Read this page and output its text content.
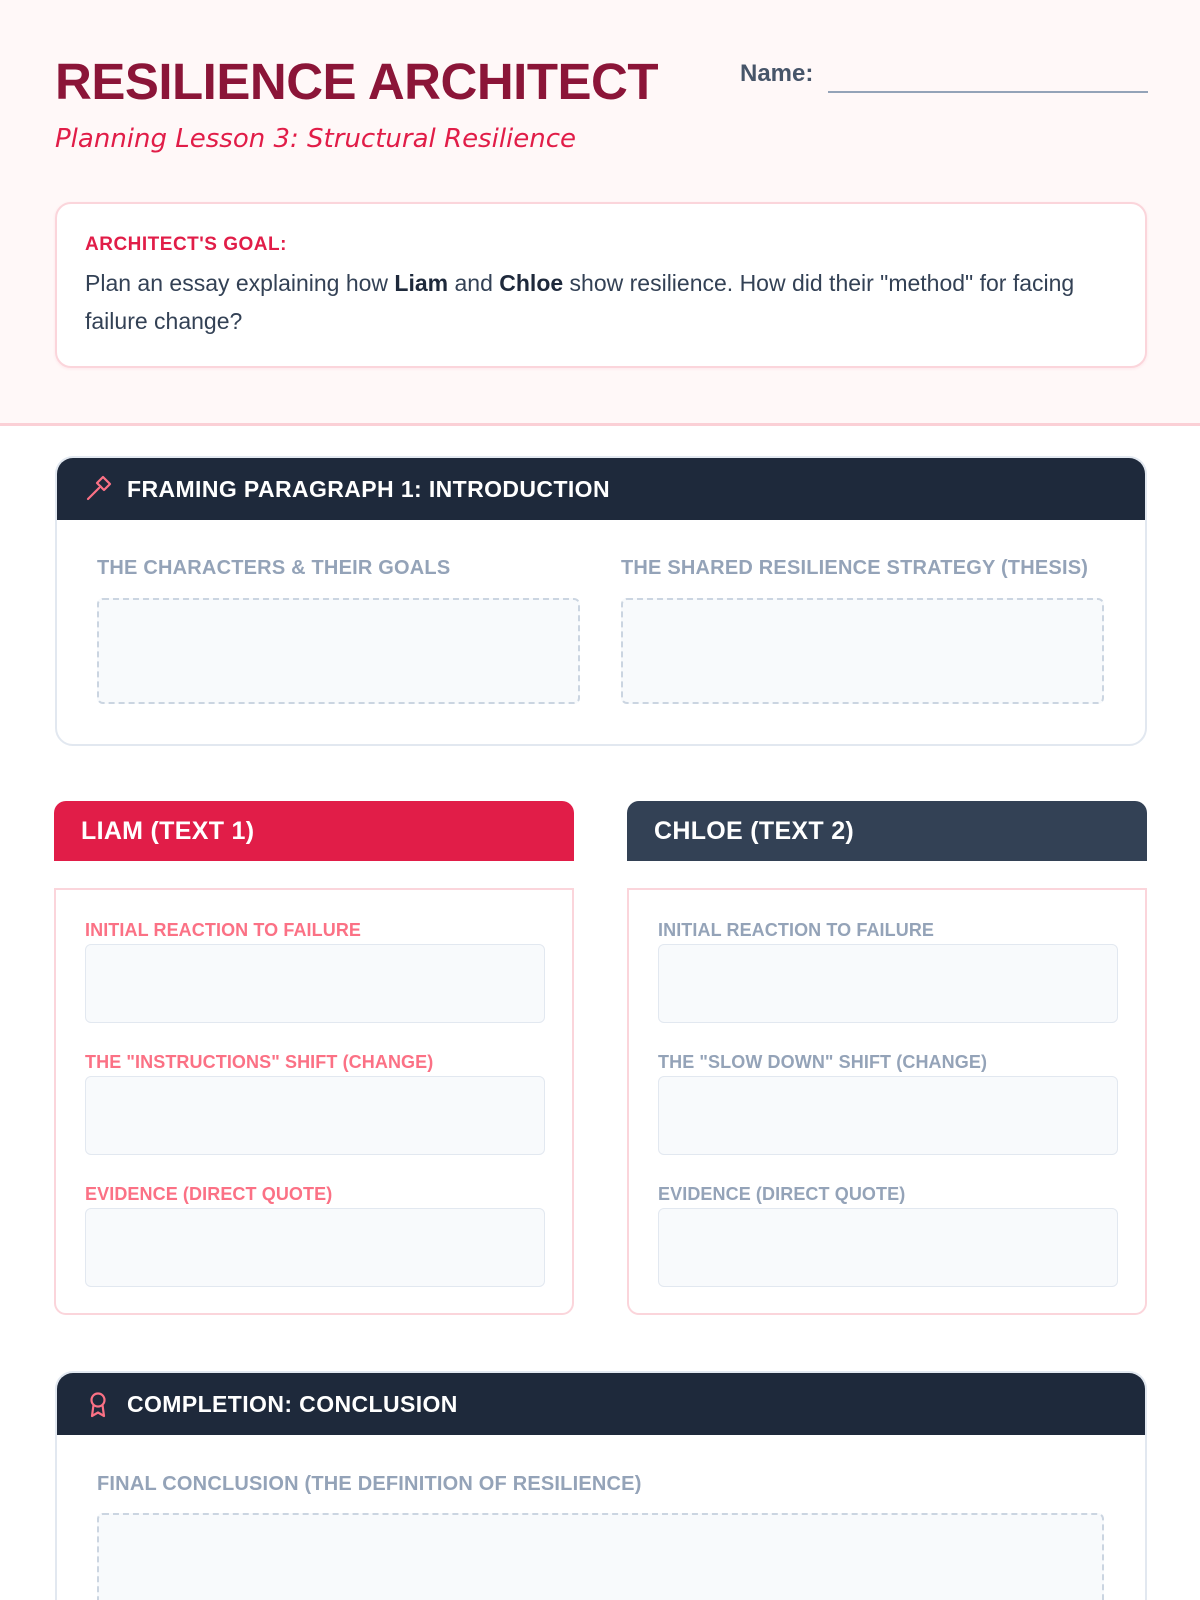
RESILIENCE ARCHITECT
Planning Lesson 3: Structural Resilience
Name:
ARCHITECT'S GOAL:
Plan an essay explaining how Liam and Chloe show resilience. How did their "method" for facing failure change?
FRAMING PARAGRAPH 1: INTRODUCTION
THE CHARACTERS & THEIR GOALS	THE SHARED RESILIENCE STRATEGY (THESIS)
LIAM (TEXT 1)
INITIAL REACTION TO FAILURE
THE "INSTRUCTIONS" SHIFT (CHANGE)
EVIDENCE (DIRECT QUOTE)
CHLOE (TEXT 2)
INITIAL REACTION TO FAILURE
THE "SLOW DOWN" SHIFT (CHANGE)
EVIDENCE (DIRECT QUOTE)
COMPLETION: CONCLUSION
FINAL CONCLUSION (THE DEFINITION OF RESILIENCE)
